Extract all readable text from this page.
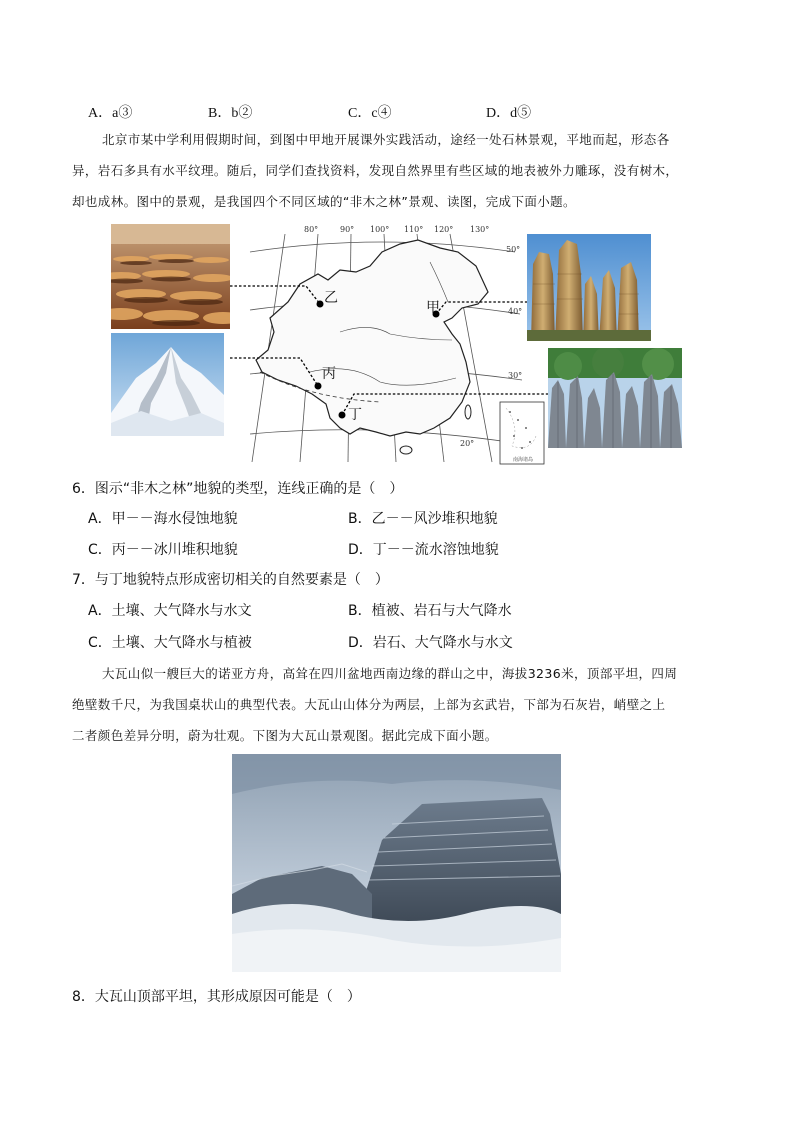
A．a③	B．b②	C．c④	D．d⑤
北京市某中学利用假期时间，到图中甲地开展课外实践活动，途经一处石林景观，平地而起，形态各
异，岩石多具有水平纹理。随后，同学们查找资料，发现自然界里有些区域的地表被外力雕琢，没有树木，
却也成林。图中的景观，是我国四个不同区域的“非木之林”景观、读图，完成下面小题。
80°	90° 100° 110° 120° 130°
50°
40°
30°
20°
乙
甲
丙
丁
南海诸岛
6．图示“非木之林”地貌的类型，连线正确的是（　）
A．甲－－海水侵蚀地貌	B．乙－－风沙堆积地貌
C．丙－－冰川堆积地貌	D．丁－－流水溶蚀地貌
7．与丁地貌特点形成密切相关的自然要素是（　）
A．土壤、大气降水与水文	B．植被、岩石与大气降水
C．土壤、大气降水与植被	D．岩石、大气降水与水文
大瓦山似一艘巨大的诺亚方舟，高耸在四川盆地西南边缘的群山之中，海拔3236米，顶部平坦，四周
绝壁数千尺，为我国桌状山的典型代表。大瓦山山体分为两层，上部为玄武岩，下部为石灰岩，峭壁之上
二者颜色差异分明，蔚为壮观。下图为大瓦山景观图。据此完成下面小题。
8．大瓦山顶部平坦，其形成原因可能是（　）
